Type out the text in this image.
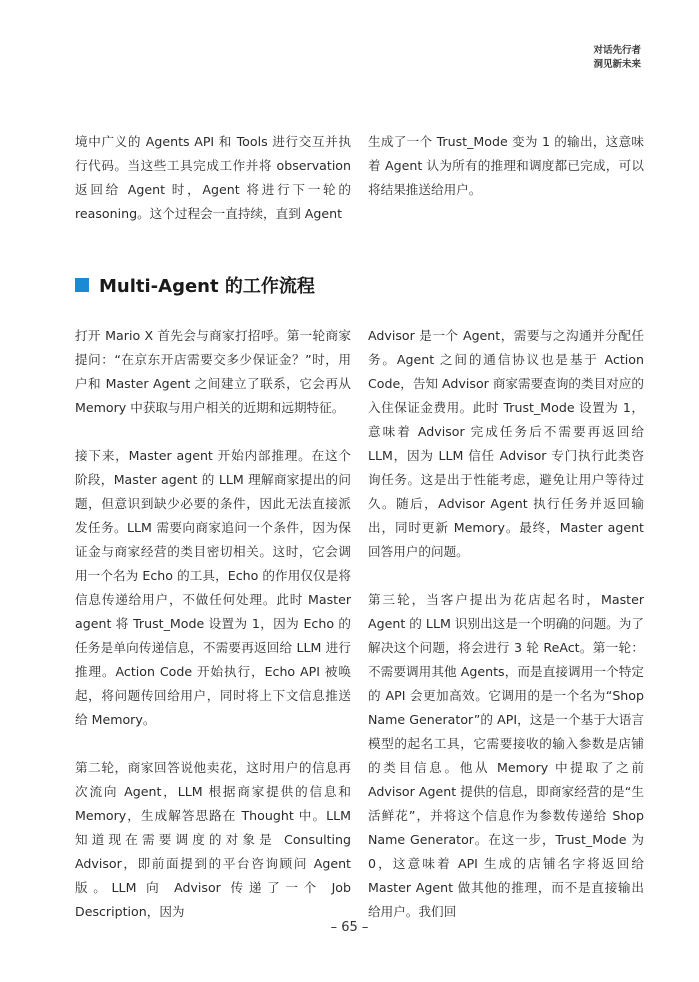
对话先行者
洞见新未来

境中广义的 Agents API 和 Tools 进行交互并执行代码。当这些工具完成工作并将 observation 返回给 Agent 时，Agent 将进行下一轮的 reasoning。这个过程会一直持续，直到 Agent

生成了一个 Trust_Mode 变为 1 的输出，这意味着 Agent 认为所有的推理和调度都已完成，可以将结果推送给用户。

Multi-Agent 的工作流程

打开 Mario X 首先会与商家打招呼。第一轮商家提问：“在京东开店需要交多少保证金？”时，用户和 Master Agent 之间建立了联系，它会再从 Memory 中获取与用户相关的近期和远期特征。

接下来，Master agent 开始内部推理。在这个阶段，Master agent 的 LLM 理解商家提出的问题，但意识到缺少必要的条件，因此无法直接派发任务。LLM 需要向商家追问一个条件，因为保证金与商家经营的类目密切相关。这时，它会调用一个名为 Echo 的工具，Echo 的作用仅仅是将信息传递给用户，不做任何处理。此时 Master agent 将 Trust_Mode 设置为 1，因为 Echo 的任务是单向传递信息，不需要再返回给 LLM 进行推理。Action Code 开始执行，Echo API 被唤起，将问题传回给用户，同时将上下文信息推送给 Memory。

第二轮，商家回答说他卖花，这时用户的信息再次流向 Agent，LLM 根据商家提供的信息和 Memory，生成解答思路在 Thought 中。LLM 知道现在需要调度的对象是 Consulting Advisor，即前面提到的平台咨询顾问 Agent 版。LLM 向 Advisor 传递了一个 Job Description，因为

Advisor 是一个 Agent，需要与之沟通并分配任务。Agent 之间的通信协议也是基于 Action Code，告知 Advisor 商家需要查询的类目对应的入住保证金费用。此时 Trust_Mode 设置为 1，意味着 Advisor 完成任务后不需要再返回给 LLM，因为 LLM 信任 Advisor 专门执行此类咨询任务。这是出于性能考虑，避免让用户等待过久。随后，Advisor Agent 执行任务并返回输出，同时更新 Memory。最终，Master agent 回答用户的问题。

第三轮，当客户提出为花店起名时，Master Agent 的 LLM 识别出这是一个明确的问题。为了解决这个问题，将会进行 3 轮 ReAct。第一轮：不需要调用其他 Agents，而是直接调用一个特定的 API 会更加高效。它调用的是一个名为“Shop Name Generator”的 API，这是一个基于大语言模型的起名工具，它需要接收的输入参数是店铺的类目信息。他从 Memory 中提取了之前 Advisor Agent 提供的信息，即商家经营的是“生活鲜花”，并将这个信息作为参数传递给 Shop Name Generator。在这一步，Trust_Mode 为 0，这意味着 API 生成的店铺名字将返回给 Master Agent 做其他的推理，而不是直接输出给用户。我们回

– 65 –
